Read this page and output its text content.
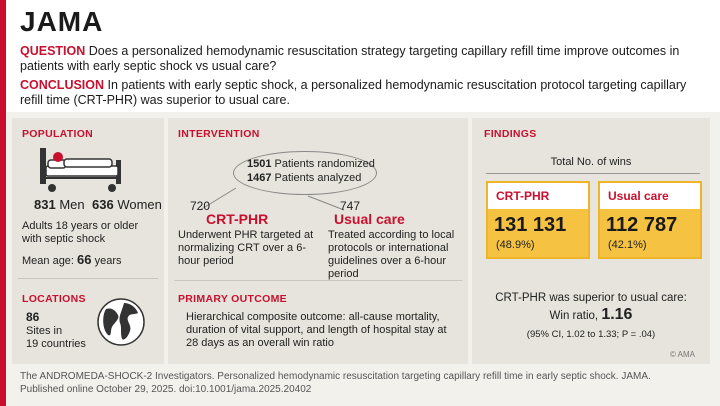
JAMA
QUESTION Does a personalized hemodynamic resuscitation strategy targeting capillary refill time improve outcomes in patients with early septic shock vs usual care?
CONCLUSION In patients with early septic shock, a personalized hemodynamic resuscitation protocol targeting capillary refill time (CRT-PHR) was superior to usual care.
POPULATION
831 Men 636 Women
Adults 18 years or older with septic shock
Mean age: 66 years
LOCATIONS
86
Sites in
19 countries
INTERVENTION
1501 Patients randomized
1467 Patients analyzed
720
CRT-PHR
Underwent PHR targeted at normalizing CRT over a 6-hour period
747
Usual care
Treated according to local protocols or international guidelines over a 6-hour period
PRIMARY OUTCOME
Hierarchical composite outcome: all-cause mortality, duration of vital support, and length of hospital stay at 28 days as an overall win ratio
FINDINGS
Total No. of wins
CRT-PHR
131 131
(48.9%)
Usual care
112 787
(42.1%)
CRT-PHR was superior to usual care:
Win ratio, 1.16
(95% CI, 1.02 to 1.33; P = .04)
© AMA
The ANDROMEDA-SHOCK-2 Investigators. Personalized hemodynamic resuscitation targeting capillary refill time in early septic shock. JAMA.
Published online October 29, 2025. doi:10.1001/jama.2025.20402
